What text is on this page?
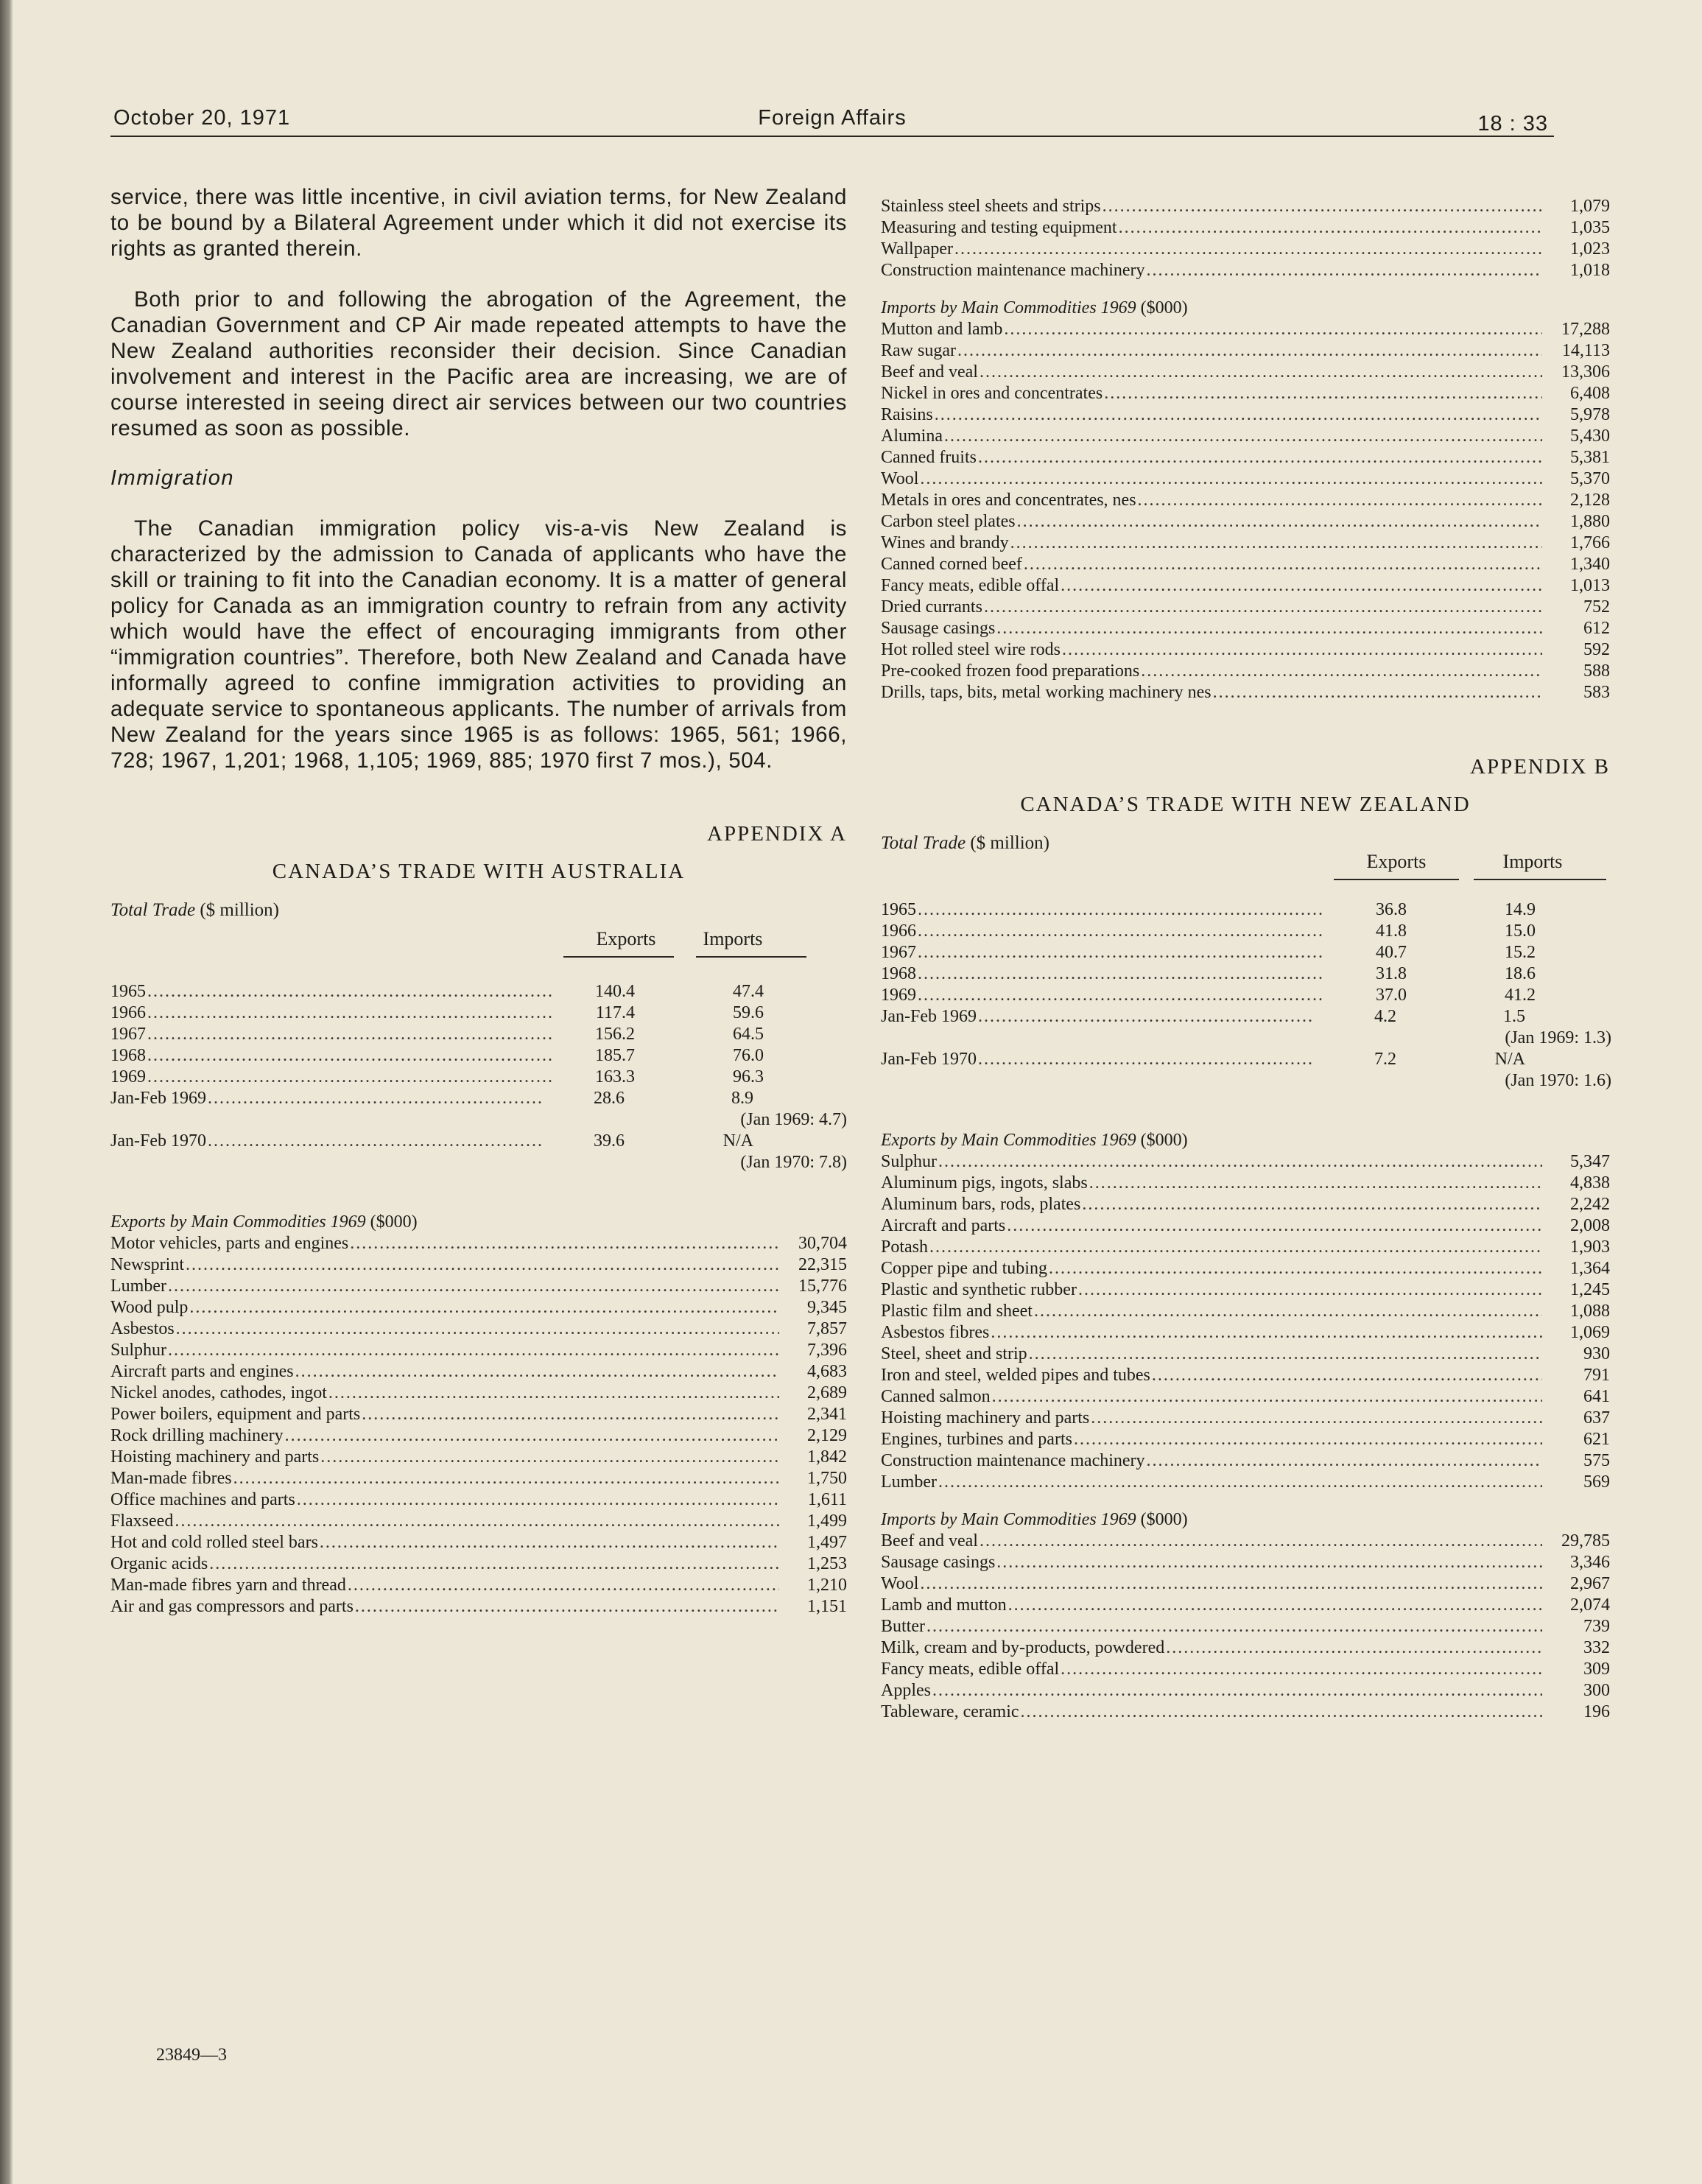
October 20, 1971	Foreign Affairs	18 : 33

service, there was little incentive, in civil aviation terms, for New Zealand to be bound by a Bilateral Agreement under which it did not exercise its rights as granted therein.

Both prior to and following the abrogation of the Agreement, the Canadian Government and CP Air made repeated attempts to have the New Zealand authorities reconsider their decision. Since Canadian involvement and interest in the Pacific area are increasing, we are of course interested in seeing direct air services between our two countries resumed as soon as possible.

Immigration

The Canadian immigration policy vis-a-vis New Zealand is characterized by the admission to Canada of applicants who have the skill or training to fit into the Canadian economy. It is a matter of general policy for Canada as an immigration country to refrain from any activity which would have the effect of encouraging immigrants from other “immigration countries”. Therefore, both New Zealand and Canada have informally agreed to confine immigration activities to providing an adequate service to spontaneous applicants. The number of arrivals from New Zealand for the years since 1965 is as follows: 1965, 561; 1966, 728; 1967, 1,201; 1968, 1,105; 1969, 885; 1970 first 7 mos.), 504.

APPENDIX A

CANADA’S TRADE WITH AUSTRALIA

Total Trade ($ million)

Exports	Imports
1965 .....	140.4	47.4
1966 .....	117.4	59.6
1967 .....	156.2	64.5
1968 .....	185.7	76.0
1969 .....	163.3	96.3
Jan-Feb 1969 .....	28.6	8.9
(Jan 1969: 4.7)
Jan-Feb 1970 .....	39.6	N/A
(Jan 1970: 7.8)
Exports by Main Commodities 1969 ($000)
Motor vehicles, parts and engines .....	30,704
Newsprint .....	22,315
Lumber .....	15,776
Wood pulp .....	9,345
Asbestos .....	7,857
Sulphur .....	7,396
Aircraft parts and engines .....	4,683
Nickel anodes, cathodes, ingot .....	2,689
Power boilers, equipment and parts .....	2,341
Rock drilling machinery .....	2,129
Hoisting machinery and parts .....	1,842
Man-made fibres .....	1,750
Office machines and parts .....	1,611
Flaxseed .....	1,499
Hot and cold rolled steel bars .....	1,497
Organic acids .....	1,253
Man-made fibres yarn and thread .....	1,210
Air and gas compressors and parts .....	1,151
23849—3
Stainless steel sheets and strips .....	1,079
Measuring and testing equipment .....	1,035
Wallpaper .....	1,023
Construction maintenance machinery .....	1,018
Imports by Main Commodities 1969 ($000)
Mutton and lamb .....	17,288
Raw sugar .....	14,113
Beef and veal .....	13,306
Nickel in ores and concentrates .....	6,408
Raisins .....	5,978
Alumina .....	5,430
Canned fruits .....	5,381
Wool .....	5,370
Metals in ores and concentrates, nes .....	2,128
Carbon steel plates .....	1,880
Wines and brandy .....	1,766
Canned corned beef .....	1,340
Fancy meats, edible offal .....	1,013
Dried currants .....	752
Sausage casings .....	612
Hot rolled steel wire rods .....	592
Pre-cooked frozen food preparations .....	588
Drills, taps, bits, metal working machinery nes .....	583

APPENDIX B

CANADA’S TRADE WITH NEW ZEALAND

Total Trade ($ million)

Exports	Imports
1965 .....	36.8	14.9
1966 .....	41.8	15.0
1967 .....	40.7	15.2
1968 .....	31.8	18.6
1969 .....	37.0	41.2
Jan-Feb 1969 .....	4.2	1.5
(Jan 1969: 1.3)
Jan-Feb 1970 .....	7.2	N/A
(Jan 1970: 1.6)
Exports by Main Commodities 1969 ($000)
Sulphur .....	5,347
Aluminum pigs, ingots, slabs .....	4,838
Aluminum bars, rods, plates .....	2,242
Aircraft and parts .....	2,008
Potash .....	1,903
Copper pipe and tubing .....	1,364
Plastic and synthetic rubber .....	1,245
Plastic film and sheet .....	1,088
Asbestos fibres .....	1,069
Steel, sheet and strip .....	930
Iron and steel, welded pipes and tubes .....	791
Canned salmon .....	641
Hoisting machinery and parts .....	637
Engines, turbines and parts .....	621
Construction maintenance machinery .....	575
Lumber .....	569
Imports by Main Commodities 1969 ($000)
Beef and veal .....	29,785
Sausage casings .....	3,346
Wool .....	2,967
Lamb and mutton .....	2,074
Butter .....	739
Milk, cream and by-products, powdered .....	332
Fancy meats, edible offal .....	309
Apples .....	300
Tableware, ceramic .....	196
